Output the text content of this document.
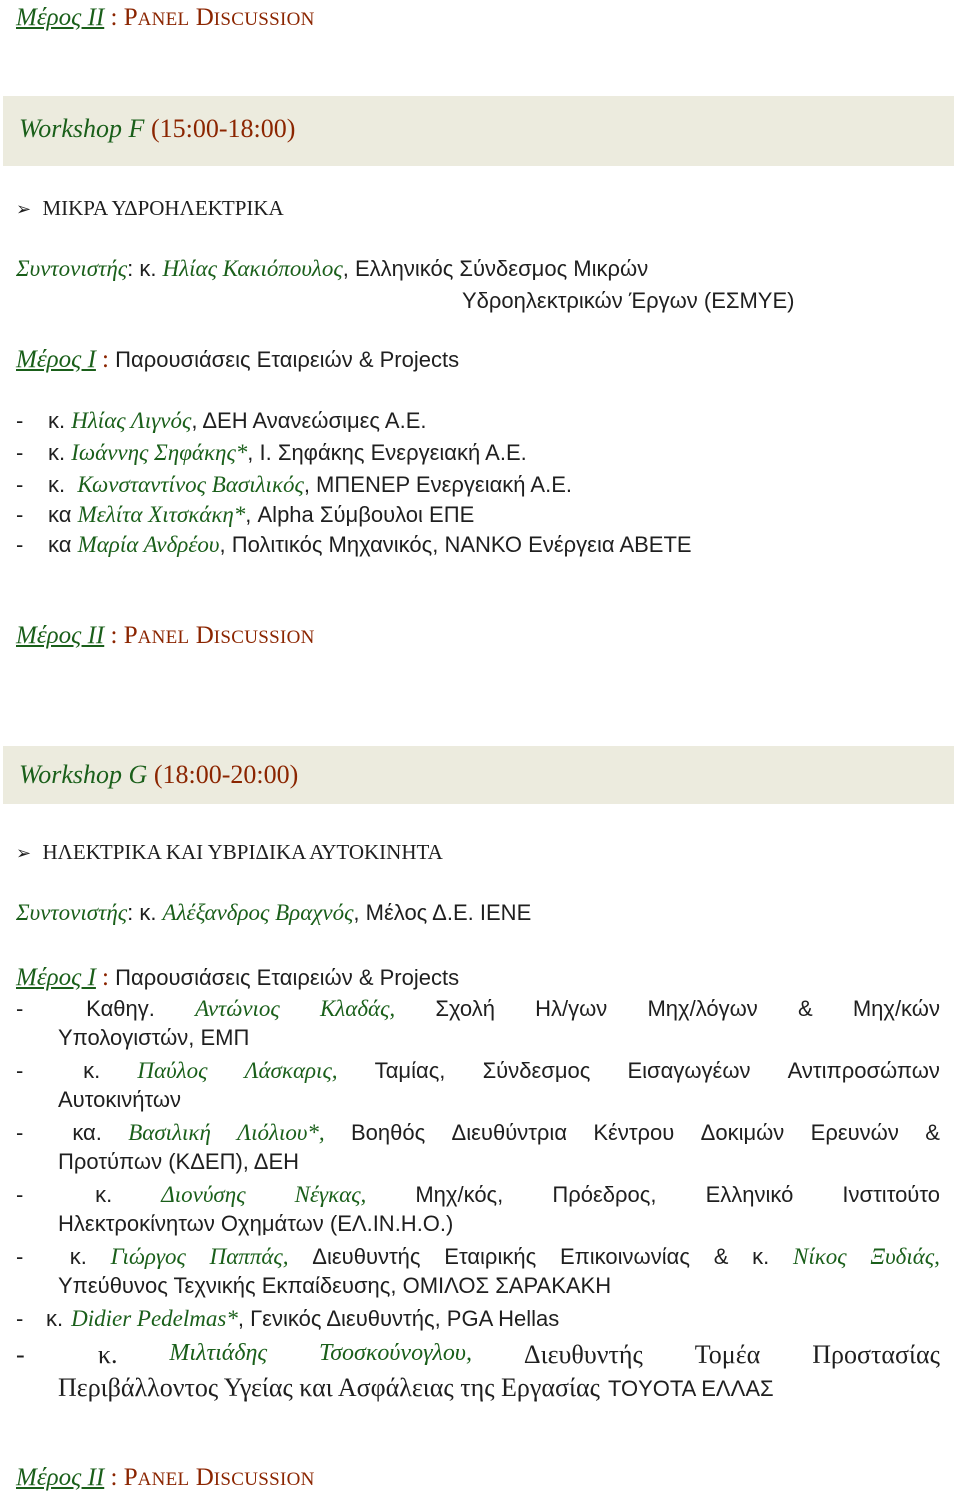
Μέρος ΙΙ : PANEL DISCUSSION
Workshop F (15:00-18:00)
➢ ΜΙΚΡΑ ΥΔΡΟΗΛΕΚΤΡΙΚΑ
Συντονιστής: κ. Ηλίας Κακιόπουλος, Ελληνικός Σύνδεσμος Μικρών
Υδροηλεκτρικών Έργων (ΕΣΜΥΕ)
Μέρος Ι : Παρουσιάσεις Εταιρειών & Projects
- κ. Ηλίας Λιγνός, ΔΕΗ Ανανεώσιμες Α.Ε.
- κ. Ιωάννης Σηφάκης*, Ι. Σηφάκης Ενεργειακή Α.Ε.
- κ.  Κωνσταντίνος Βασιλικός, ΜΠΕΝΕΡ Ενεργειακή Α.Ε.
- κα Μελίτα Χιτσκάκη*, Alpha Σύμβουλοι ΕΠΕ
- κα Μαρία Ανδρέου, Πολιτικός Μηχανικός, ΝΑΝΚΟ Ενέργεια ΑΒΕΤΕ
Μέρος ΙΙ : PANEL DISCUSSION
Workshop G (18:00-20:00)
➢ ΗΛΕΚΤΡΙΚΑ ΚΑΙ ΥΒΡΙΔΙΚΑ ΑΥΤΟΚΙΝΗΤΑ
Συντονιστής: κ. Αλέξανδρος Βραχνός, Μέλος Δ.Ε. ΙΕΝΕ
Μέρος Ι : Παρουσιάσεις Εταιρειών & Projects
-	Καθηγ. Αντώνιος Κλαδάς, Σχολή Ηλ/γων Μηχ/λόγων & Μηχ/κών
Υπολογιστών, ΕΜΠ
-	κ. Παύλος Λάσκαρις, Ταμίας, Σύνδεσμος Εισαγωγέων Αντιπροσώπων
Αυτοκινήτων
-	κα. Βασιλική Λιόλιου*, Βοηθός Διευθύντρια Κέντρου Δοκιμών Ερευνών &
Προτύπων (ΚΔΕΠ), ΔΕΗ
-	κ. Διονύσης Νέγκας, Μηχ/κός, Πρόεδρος, Ελληνικό Ινστιτούτο
Ηλεκτροκίνητων Οχημάτων (ΕΛ.ΙΝ.Η.Ο.)
-	κ. Γιώργος Παππάς, Διευθυντής Εταιρικής Επικοινωνίας & κ. Νίκος Ξυδιάς,
Υπεύθυνος Τεχνικής Εκπαίδευσης, ΟΜΙΛΟΣ ΣΑΡΑΚΑΚΗ
-	κ. Didier Pedelmas* , Γενικός Διευθυντής, PGA Hellas
-	κ. Μιλτιάδης Τσοσκούνογλου, Διευθυντής Τομέα Προστασίας
Περιβάλλοντος Υγείας και Ασφάλειας της Εργασίας TOYOTA ΕΛΛΑΣ
Μέρος ΙΙ : PANEL DISCUSSION
